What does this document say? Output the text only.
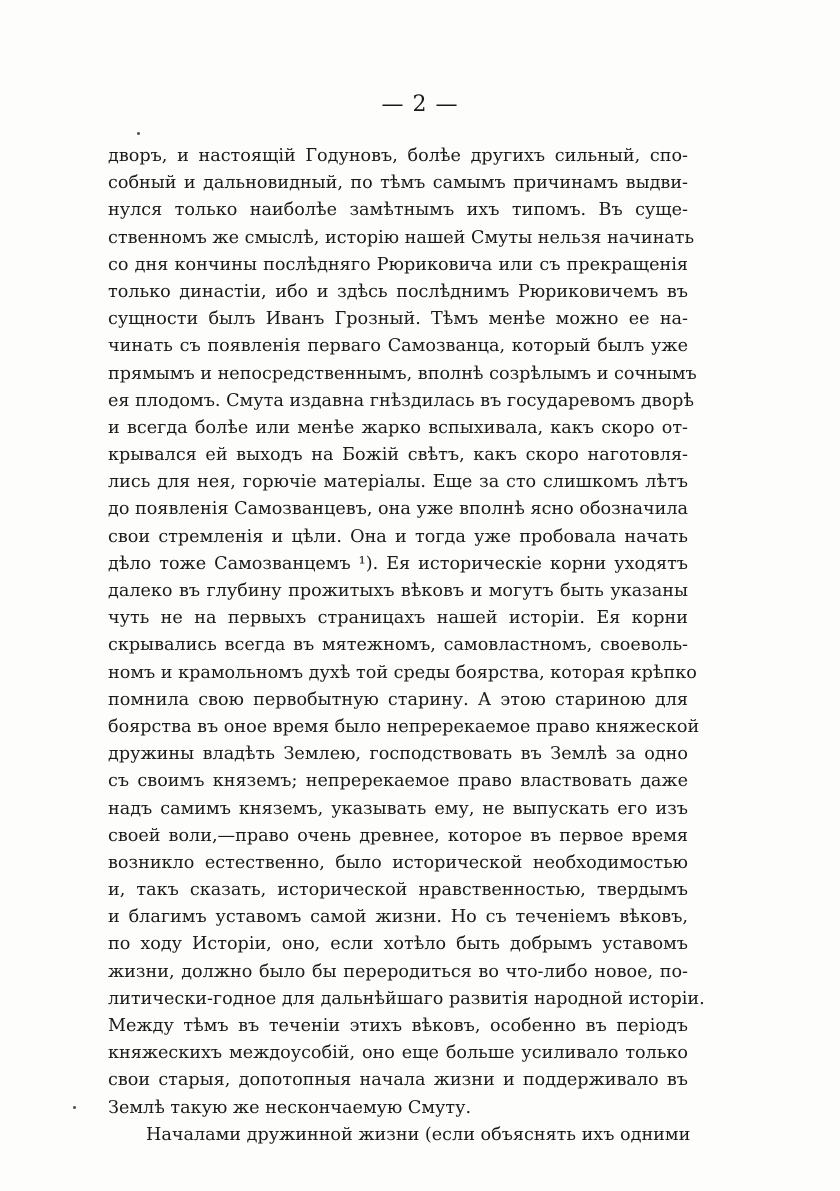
— 2 —
дворъ, и настоящій Годуновъ, болѣе другихъ сильный, спо-
собный и дальновидный, по тѣмъ самымъ причинамъ выдви-
нулся только наиболѣе замѣтнымъ ихъ типомъ. Въ суще-
ственномъ же смыслѣ, исторію нашей Смуты нельзя начинать
со дня кончины послѣдняго Рюриковича или съ прекращенія
только династіи, ибо и здѣсь послѣднимъ Рюриковичемъ въ
сущности былъ Иванъ Грозный. Тѣмъ менѣе можно ее на-
чинать съ появленія перваго Самозванца, который былъ уже
прямымъ и непосредственнымъ, вполнѣ созрѣлымъ и сочнымъ
ея плодомъ. Смута издавна гнѣздилась въ государевомъ дворѣ
и всегда болѣе или менѣе жарко вспыхивала, какъ скоро от-
крывался ей выходъ на Божій свѣтъ, какъ скоро наготовля-
лись для нея, горючіе матеріалы. Еще за сто слишкомъ лѣтъ
до появленія Самозванцевъ, она уже вполнѣ ясно обозначила
свои стремленія и цѣли. Она и тогда уже пробовала начать
дѣло тоже Самозванцемъ ¹). Ея историческіе корни уходятъ
далеко въ глубину прожитыхъ вѣковъ и могутъ быть указаны
чуть не на первыхъ страницахъ нашей исторіи. Ея корни
скрывались всегда въ мятежномъ, самовластномъ, своеволь-
номъ и крамольномъ духѣ той среды боярства, которая крѣпко
помнила свою первобытную старину. А этою стариною для
боярства въ оное время было непререкаемое право княжеской
дружины владѣть Землею, господствовать въ Землѣ за одно
съ своимъ княземъ; непререкаемое право властвовать даже
надъ самимъ княземъ, указывать ему, не выпускать его изъ
своей воли,—право очень древнее, которое въ первое время
возникло естественно, было исторической необходимостью
и, такъ сказать, исторической нравственностью, твердымъ
и благимъ уставомъ самой жизни. Но съ теченіемъ вѣковъ,
по ходу Исторіи, оно, если хотѣло быть добрымъ уставомъ
жизни, должно было бы переродиться во что-либо новое, по-
литически-годное для дальнѣйшаго развитія народной исторіи.
Между тѣмъ въ теченіи этихъ вѣковъ, особенно въ періодъ
княжескихъ междоусобій, оно еще больше усиливало только
свои старыя, допотопныя начала жизни и поддерживало въ
Землѣ такую же нескончаемую Смуту.
Началами дружинной жизни (если объяснять ихъ одними
